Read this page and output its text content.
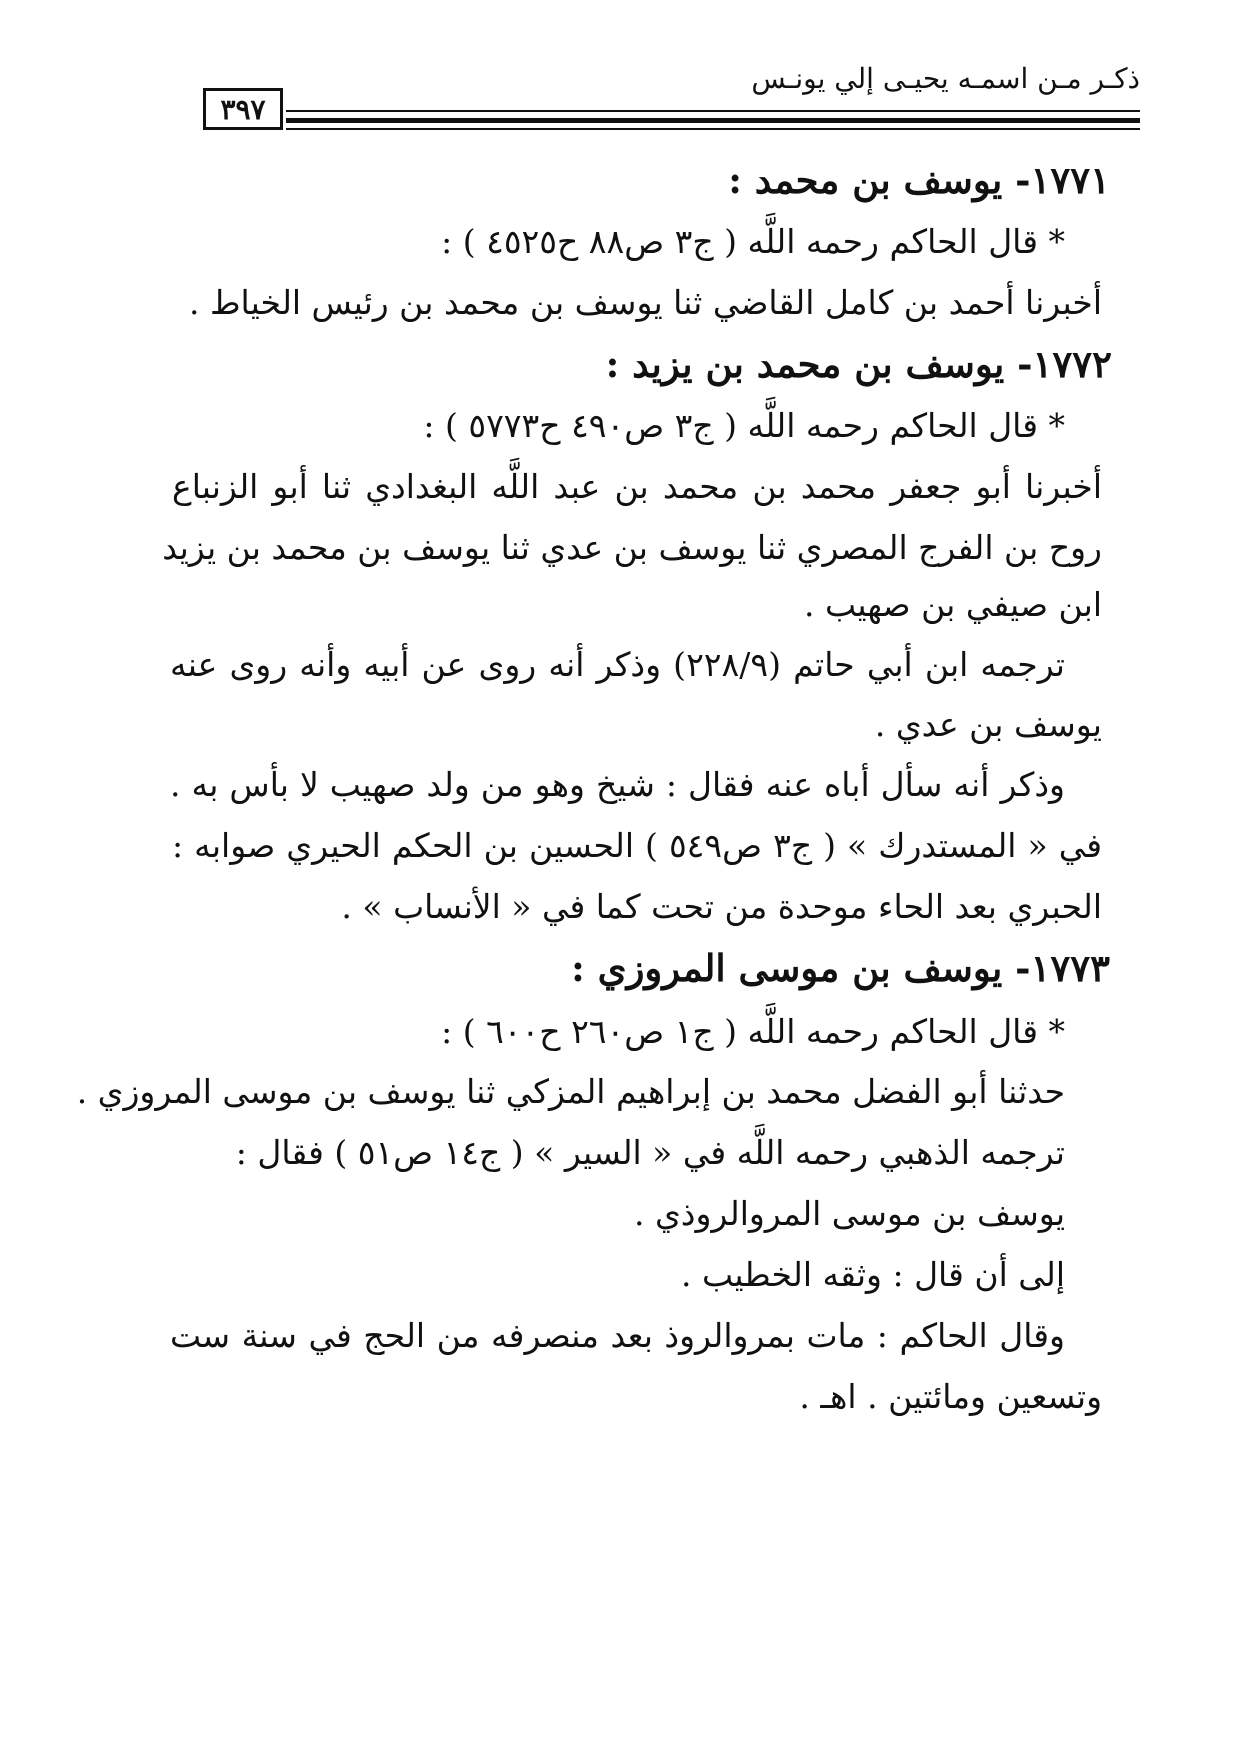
ذكـر مـن اسمـه يحيـى إلي يونـس
٣٩٧
١٧٧١- يوسف بن محمد :
* قال الحاكم رحمه اللَّه ( ج٣ ص٨٨ ح٤٥٢٥ ) :
أخبرنا أحمد بن كامل القاضي ثنا يوسف بن محمد بن رئيس الخياط .
١٧٧٢- يوسف بن محمد بن يزيد :
* قال الحاكم رحمه اللَّه ( ج٣ ص٤٩٠ ح٥٧٧٣ ) :
أخبرنا أبو جعفر محمد بن محمد بن عبد اللَّه البغدادي ثنا أبو الزنباع
روح بن الفرج المصري ثنا يوسف بن عدي ثنا يوسف بن محمد بن يزيد
ابن صيفي بن صهيب .
ترجمه ابن أبي حاتم (٢٢٨/٩) وذكر أنه روى عن أبيه وأنه روى عنه
يوسف بن عدي .
وذكر أنه سأل أباه عنه فقال : شيخ وهو من ولد صهيب لا بأس به .
في « المستدرك » ( ج٣ ص٥٤٩ ) الحسين بن الحكم الحيري صوابه :
الحبري بعد الحاء موحدة من تحت كما في « الأنساب » .
١٧٧٣- يوسف بن موسى المروزي :
* قال الحاكم رحمه اللَّه ( ج١ ص٢٦٠ ح٦٠٠ ) :
حدثنا أبو الفضل محمد بن إبراهيم المزكي ثنا يوسف بن موسى المروزي .
ترجمه الذهبي رحمه اللَّه في « السير » ( ج١٤ ص٥١ ) فقال :
يوسف بن موسى المروالروذي .
إلى أن قال : وثقه الخطيب .
وقال الحاكم : مات بمروالروذ بعد منصرفه من الحج في سنة ست
وتسعين ومائتين . اهـ .
